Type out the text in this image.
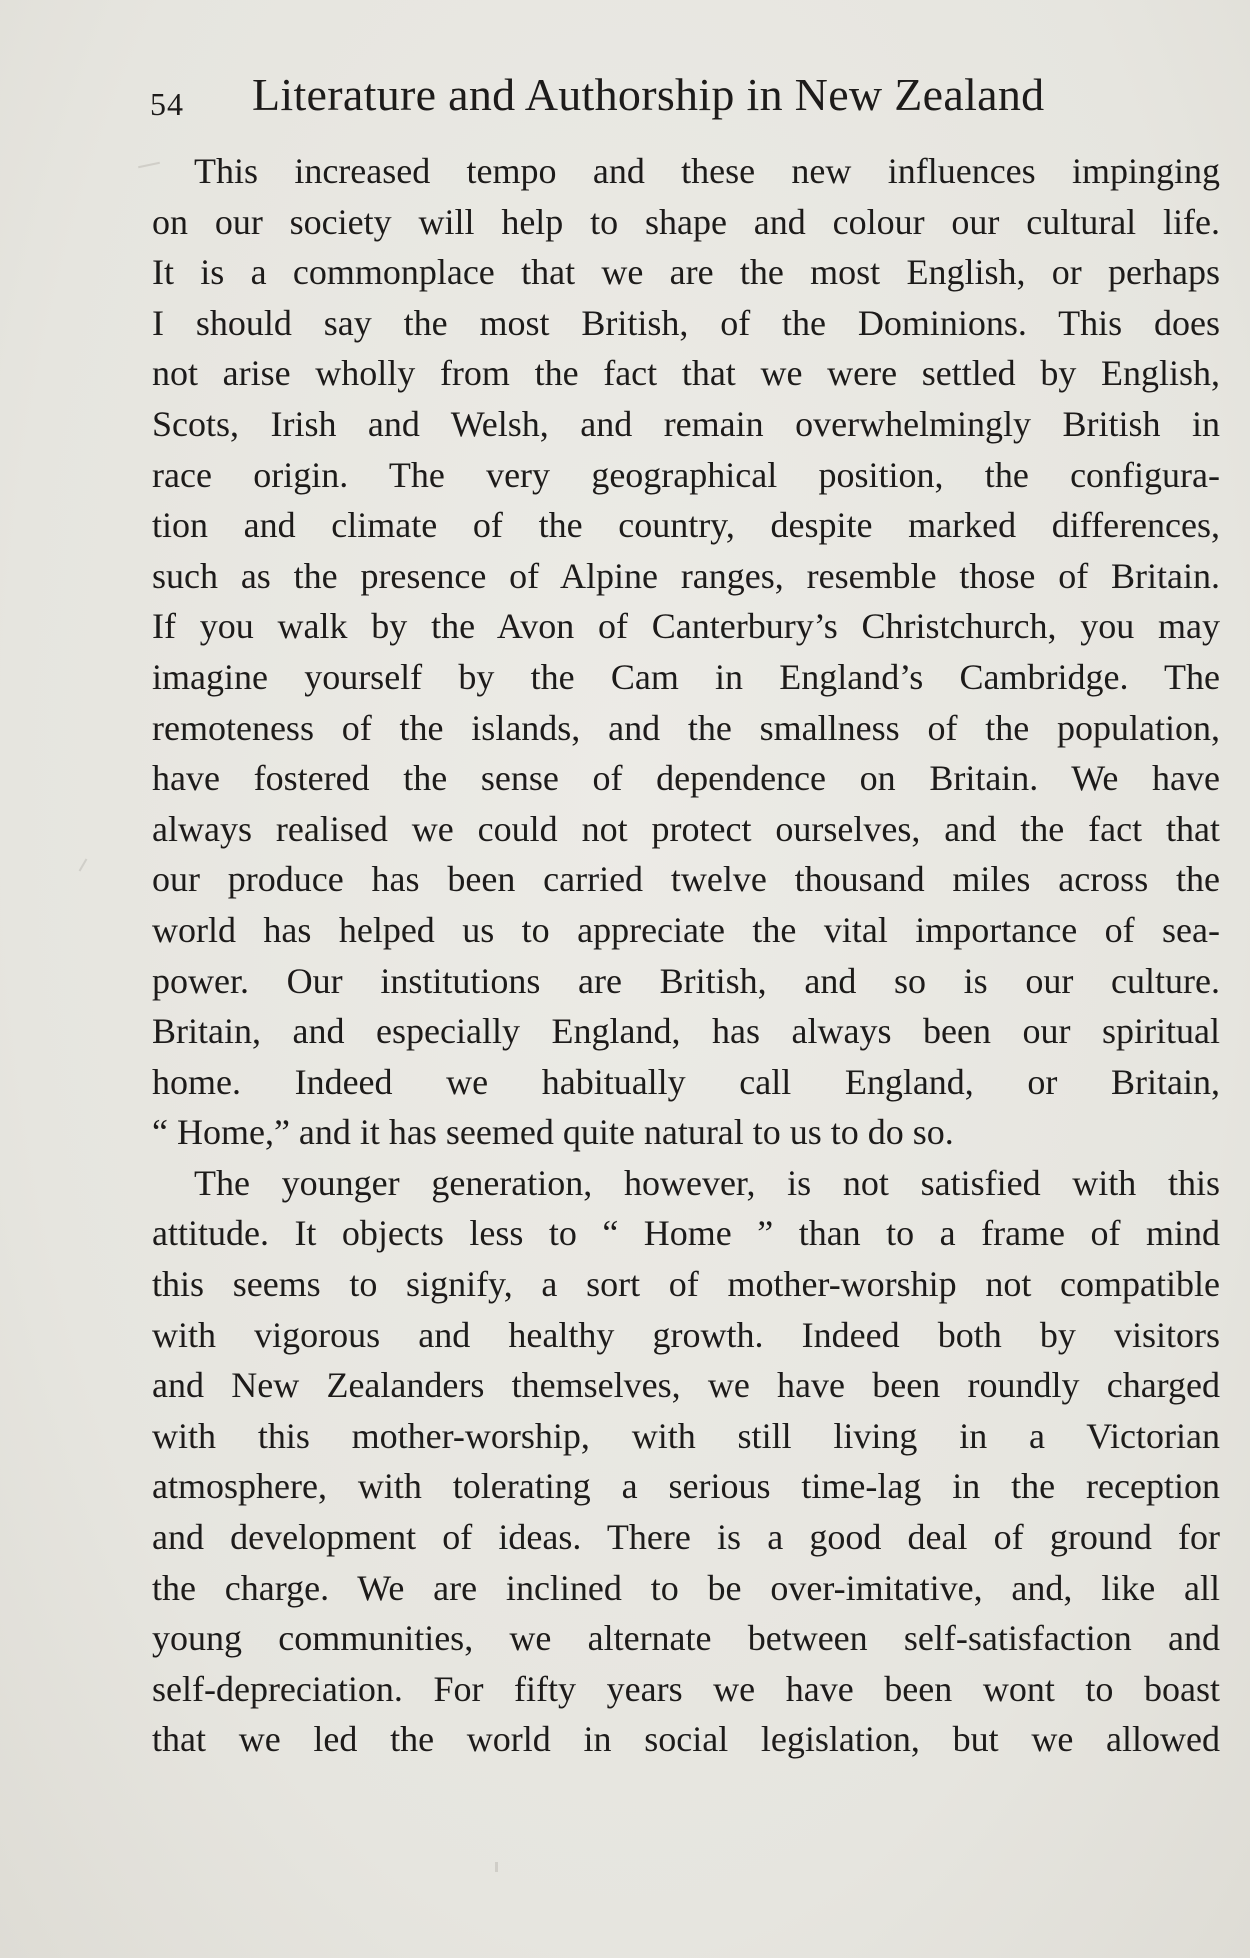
54 Literature and Authorship in New Zealand
This increased tempo and these new influences impinging
on our society will help to shape and colour our cultural life.
It is a commonplace that we are the most English, or perhaps
I should say the most British, of the Dominions. This does
not arise wholly from the fact that we were settled by English,
Scots, Irish and Welsh, and remain overwhelmingly British in
race origin. The very geographical position, the configura-
tion and climate of the country, despite marked differences,
such as the presence of Alpine ranges, resemble those of Britain.
If you walk by the Avon of Canterbury’s Christchurch, you may
imagine yourself by the Cam in England’s Cambridge. The
remoteness of the islands, and the smallness of the population,
have fostered the sense of dependence on Britain. We have
always realised we could not protect ourselves, and the fact that
our produce has been carried twelve thousand miles across the
world has helped us to appreciate the vital importance of sea-
power. Our institutions are British, and so is our culture.
Britain, and especially England, has always been our spiritual
home. Indeed we habitually call England, or Britain,
“ Home,” and it has seemed quite natural to us to do so.
The younger generation, however, is not satisfied with this
attitude. It objects less to “ Home ” than to a frame of mind
this seems to signify, a sort of mother-worship not compatible
with vigorous and healthy growth. Indeed both by visitors
and New Zealanders themselves, we have been roundly charged
with this mother-worship, with still living in a Victorian
atmosphere, with tolerating a serious time-lag in the reception
and development of ideas. There is a good deal of ground for
the charge. We are inclined to be over-imitative, and, like all
young communities, we alternate between self-satisfaction and
self-depreciation. For fifty years we have been wont to boast
that we led the world in social legislation, but we allowed
